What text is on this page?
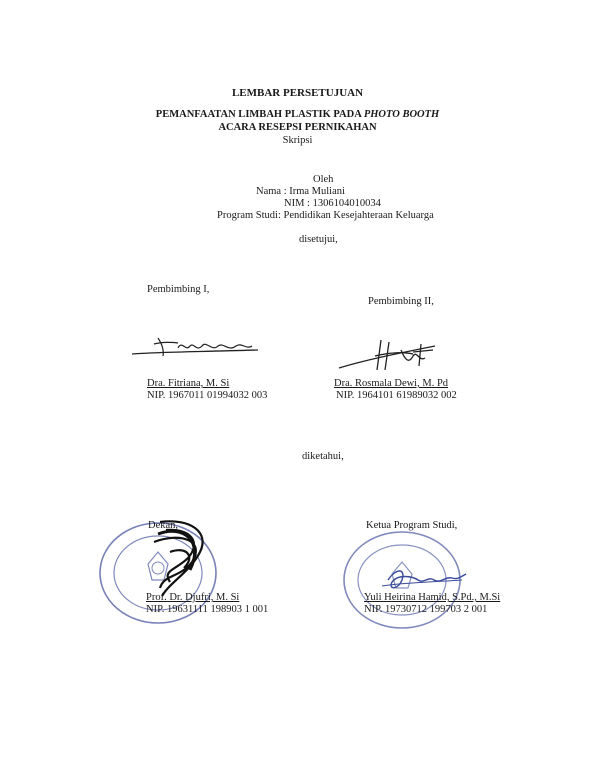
LEMBAR PERSETUJUAN
PEMANFAATAN LIMBAH PLASTIK PADA PHOTO BOOTH
ACARA RESEPSI PERNIKAHAN
Skripsi
Oleh
Nama : Irma Muliani
NIM : 1306104010034
Program Studi: Pendidikan Kesejahteraan Keluarga
disetujui,
Pembimbing I,
Pembimbing II,
Dra. Fitriana, M. Si
NIP. 1967011 01994032 003
Dra. Rosmala Dewi, M. Pd
NIP. 1964101 61989032 002
diketahui,
Dekan,
Prof. Dr. Djufri, M. Si
NIP. 19631111 198903 1 001
Ketua Program Studi,
Yuli Heirina Hamid, S.Pd., M.Si
NIP. 19730712 199703 2 001
